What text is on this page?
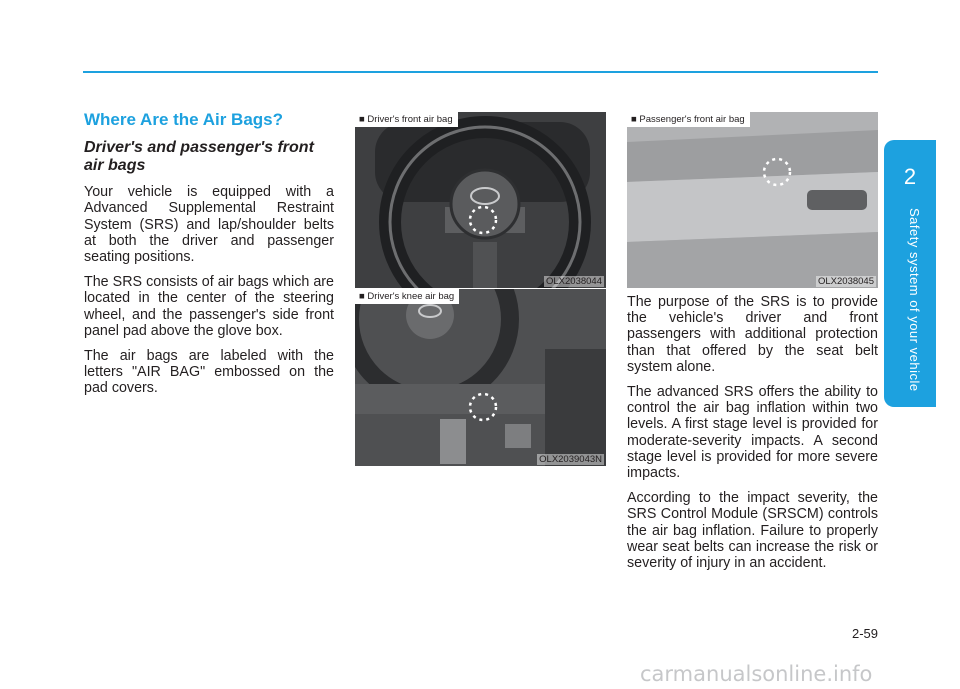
2
Safety system of your vehicle
Where Are the Air Bags?
Driver's and passenger's front air bags

Your vehicle is equipped with a Advanced Supplemental Restraint System (SRS) and lap/shoulder belts at both the driver and passenger seating positions.

The SRS consists of air bags which are located in the center of the steering wheel, and the passenger's side front panel pad above the glove box.

The air bags are labeled with the letters "AIR BAG" embossed on the pad covers.

■ Driver's front air bag
OLX2038044
■ Driver's knee air bag
OLX2039043N
■ Passenger's front air bag
OLX2038045

The purpose of the SRS is to provide the vehicle's driver and front passengers with additional protection than that offered by the seat belt system alone.

The advanced SRS offers the ability to control the air bag inflation within two levels. A first stage level is provided for moderate-severity impacts. A second stage level is provided for more severe impacts.

According to the impact severity, the SRS Control Module (SRSCM) controls the air bag inflation. Failure to properly wear seat belts can increase the risk or severity of injury in an accident.

2-59
carmanualsonline.info
